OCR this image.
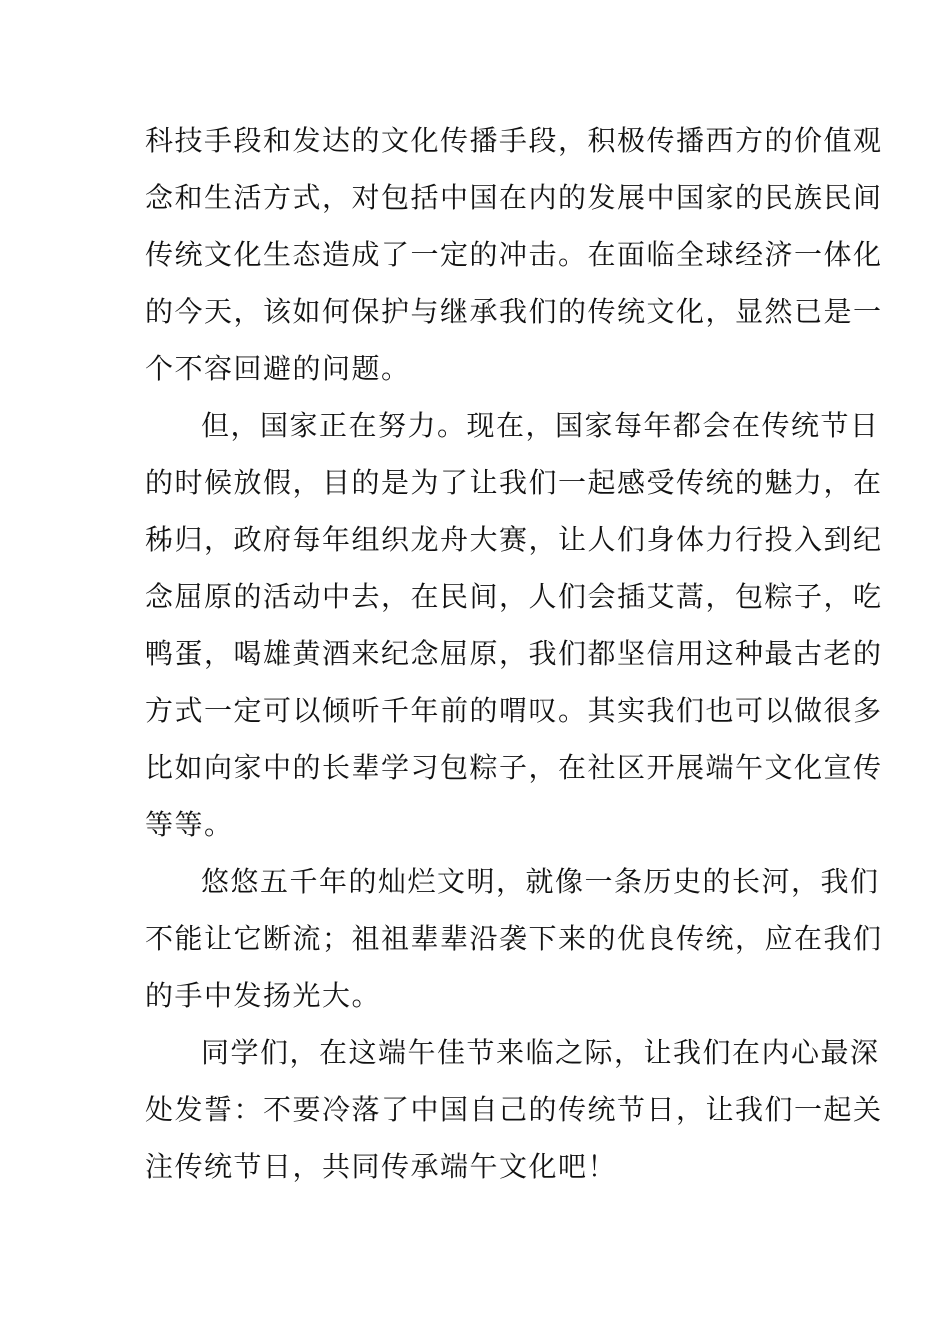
科技手段和发达的文化传播手段，积极传播西方的价值观
念和生活方式，对包括中国在内的发展中国家的民族民间
传统文化生态造成了一定的冲击。在面临全球经济一体化
的今天，该如何保护与继承我们的传统文化，显然已是一
个不容回避的问题。
但，国家正在努力。现在，国家每年都会在传统节日
的时候放假，目的是为了让我们一起感受传统的魅力，在
秭归，政府每年组织龙舟大赛，让人们身体力行投入到纪
念屈原的活动中去，在民间，人们会插艾蒿，包粽子，吃
鸭蛋，喝雄黄酒来纪念屈原，我们都坚信用这种最古老的
方式一定可以倾听千年前的喟叹。其实我们也可以做很多
比如向家中的长辈学习包粽子，在社区开展端午文化宣传
等等。
悠悠五千年的灿烂文明，就像一条历史的长河，我们
不能让它断流；祖祖辈辈沿袭下来的优良传统，应在我们
的手中发扬光大。
同学们，在这端午佳节来临之际，让我们在内心最深
处发誓：不要冷落了中国自己的传统节日，让我们一起关
注传统节日，共同传承端午文化吧！
